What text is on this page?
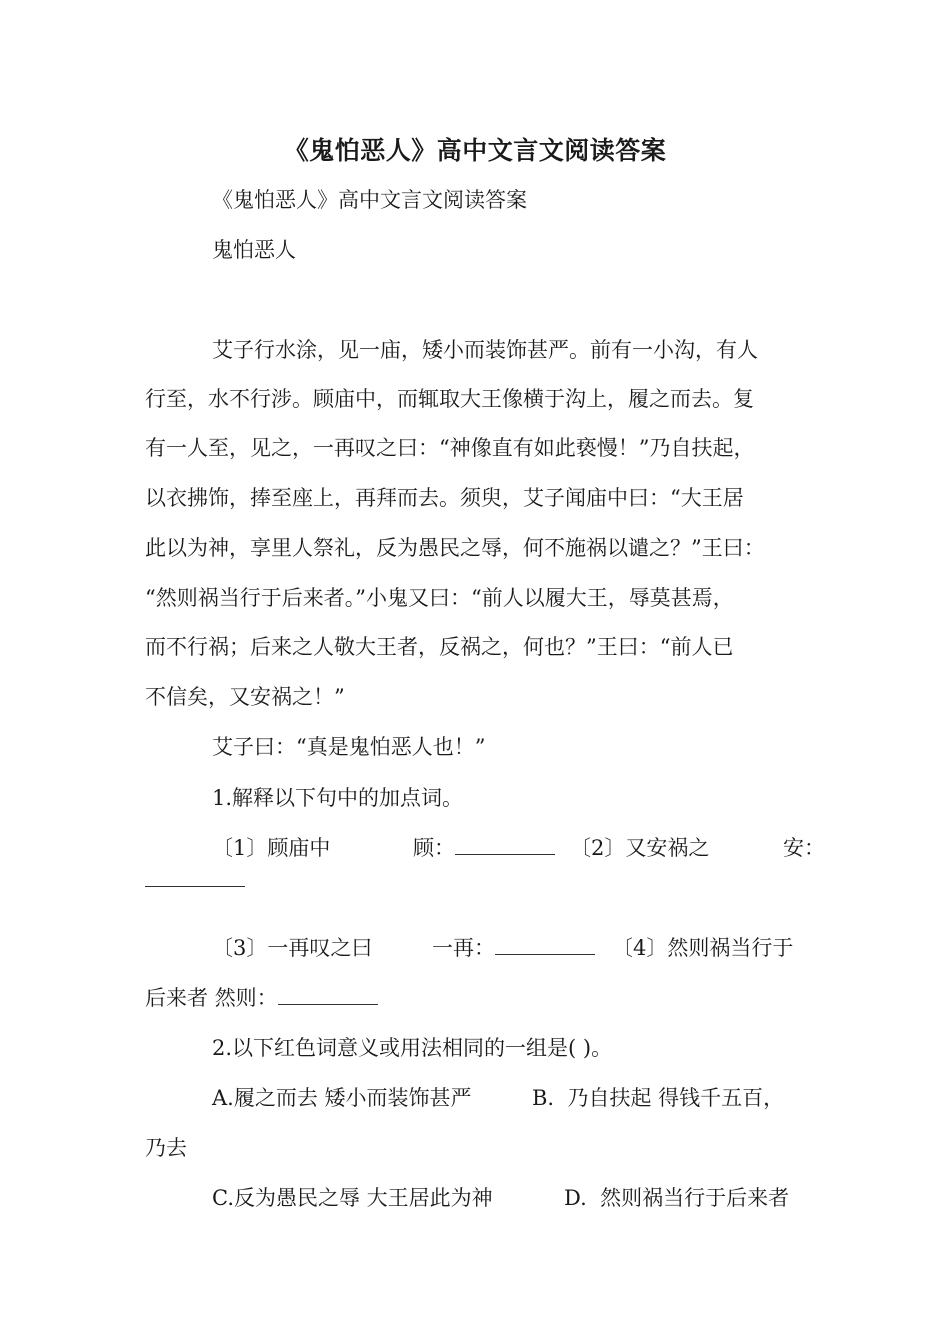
《鬼怕恶人》高中文言文阅读答案
《鬼怕恶人》高中文言文阅读答案
鬼怕恶人
艾子行水涂，见一庙，矮小而装饰甚严。前有一小沟，有人
行至，水不行涉。顾庙中，而辄取大王像横于沟上，履之而去。复
有一人至，见之，一再叹之曰：“神像直有如此亵慢！”乃自扶起，
以衣拂饰，捧至座上，再拜而去。须臾，艾子闻庙中曰：“大王居
此以为神，享里人祭礼，反为愚民之辱，何不施祸以谴之？”王曰：
“然则祸当行于后来者。”小鬼又曰：“前人以履大王，辱莫甚焉，
而不行祸；后来之人敬大王者，反祸之，何也？”王曰：“前人已
不信矣，又安祸之！”
艾子曰：“真是鬼怕恶人也！”
1.解释以下句中的加点词。
〔1〕顾庙中	顾：	〔2〕又安祸之	安：
〔3〕一再叹之曰	一再：	〔4〕然则祸当行于
后来者 然则：
2.以下红色词意义或用法相同的一组是( )。
A.履之而去 矮小而装饰甚严	B. 乃自扶起 得钱千五百，
乃去
C.反为愚民之辱 大王居此为神	D. 然则祸当行于后来者
